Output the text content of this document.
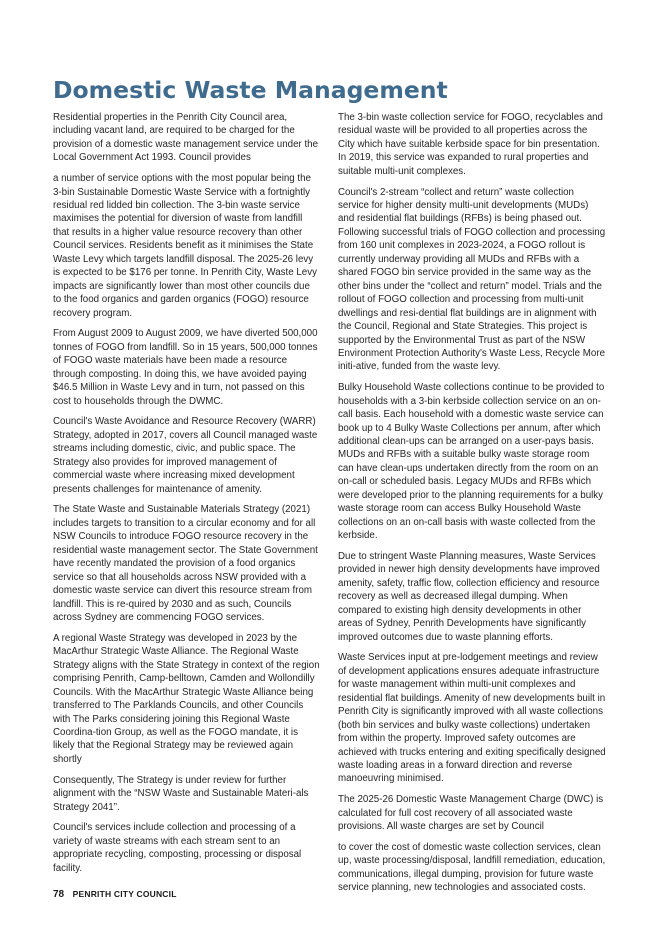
Domestic Waste Management

Residential properties in the Penrith City Council area, including vacant land, are required to be charged for the provision of a domestic waste management service under the Local Government Act 1993. Council provides

a number of service options with the most popular being the 3-bin Sustainable Domestic Waste Service with a fortnightly residual red lidded bin collection. The 3-bin waste service maximises the potential for diversion of waste from landfill that results in a higher value resource recovery than other Council services. Residents benefit as it minimises the State Waste Levy which targets landfill disposal. The 2025-26 levy is expected to be $176 per tonne. In Penrith City, Waste Levy impacts are significantly lower than most other councils due to the food organics and garden organics (FOGO) resource recovery program.

From August 2009 to August 2009, we have diverted 500,000 tonnes of FOGO from landfill. So in 15 years, 500,000 tonnes of FOGO waste materials have been made a resource through composting. In doing this, we have avoided paying $46.5 Million in Waste Levy and in turn, not passed on this cost to households through the DWMC.

Council's Waste Avoidance and Resource Recovery (WARR) Strategy, adopted in 2017, covers all Council managed waste streams including domestic, civic, and public space. The Strategy also provides for improved management of commercial waste where increasing mixed development presents challenges for maintenance of amenity.

The State Waste and Sustainable Materials Strategy (2021) includes targets to transition to a circular economy and for all NSW Councils to introduce FOGO resource recovery in the residential waste management sector. The State Government have recently mandated the provision of a food organics service so that all households across NSW provided with a domestic waste service can divert this resource stream from landfill. This is re-quired by 2030 and as such, Councils across Sydney are commencing FOGO services.

A regional Waste Strategy was developed in 2023 by the MacArthur Strategic Waste Alliance. The Regional Waste Strategy aligns with the State Strategy in context of the region comprising Penrith, Camp-belltown, Camden and Wollondilly Councils. With the MacArthur Strategic Waste Alliance being transferred to The Parklands Councils, and other Councils with The Parks considering joining this Regional Waste Coordina-tion Group, as well as the FOGO mandate, it is likely that the Regional Strategy may be reviewed again shortly

Consequently, The Strategy is under review for further alignment with the “NSW Waste and Sustainable Materi-als Strategy 2041”.

Council's services include collection and processing of a variety of waste streams with each stream sent to an appropriate recycling, composting, processing or disposal facility.

The 3-bin waste collection service for FOGO, recyclables and residual waste will be provided to all properties across the City which have suitable kerbside space for bin presentation. In 2019, this service was expanded to rural properties and suitable multi-unit complexes.

Council's 2-stream “collect and return” waste collection service for higher density multi-unit developments (MUDs) and residential flat buildings (RFBs) is being phased out. Following successful trials of FOGO collection and processing from 160 unit complexes in 2023-2024, a FOGO rollout is currently underway providing all MUDs and RFBs with a shared FOGO bin service provided in the same way as the other bins under the “collect and return” model. Trials and the rollout of FOGO collection and processing from multi-unit dwellings and resi-dential flat buildings are in alignment with the Council, Regional and State Strategies. This project is supported by the Environmental Trust as part of the NSW Environment Protection Authority's Waste Less, Recycle More initi-ative, funded from the waste levy.

Bulky Household Waste collections continue to be provided to households with a 3-bin kerbside collection service on an on-call basis. Each household with a domestic waste service can book up to 4 Bulky Waste Collections per annum, after which additional clean-ups can be arranged on a user-pays basis. MUDs and RFBs with a suitable bulky waste storage room can have clean-ups undertaken directly from the room on an on-call or scheduled basis. Legacy MUDs and RFBs which were developed prior to the planning requirements for a bulky waste storage room can access Bulky Household Waste collections on an on-call basis with waste collected from the kerbside.

Due to stringent Waste Planning measures, Waste Services provided in newer high density developments have improved amenity, safety, traffic flow, collection efficiency and resource recovery as well as decreased illegal dumping. When compared to existing high density developments in other areas of Sydney, Penrith Developments have significantly improved outcomes due to waste planning efforts.

Waste Services input at pre-lodgement meetings and review of development applications ensures adequate infrastructure for waste management within multi-unit complexes and residential flat buildings. Amenity of new developments built in Penrith City is significantly improved with all waste collections (both bin services and bulky waste collections) undertaken from within the property. Improved safety outcomes are achieved with trucks entering and exiting specifically designed waste loading areas in a forward direction and reverse manoeuvring minimised.

The 2025-26 Domestic Waste Management Charge (DWC) is calculated for full cost recovery of all associated waste provisions. All waste charges are set by Council

to cover the cost of domestic waste collection services, clean up, waste processing/disposal, landfill remediation, education, communications, illegal dumping, provision for future waste service planning, new technologies and associated costs.

78 PENRITH CITY COUNCIL
